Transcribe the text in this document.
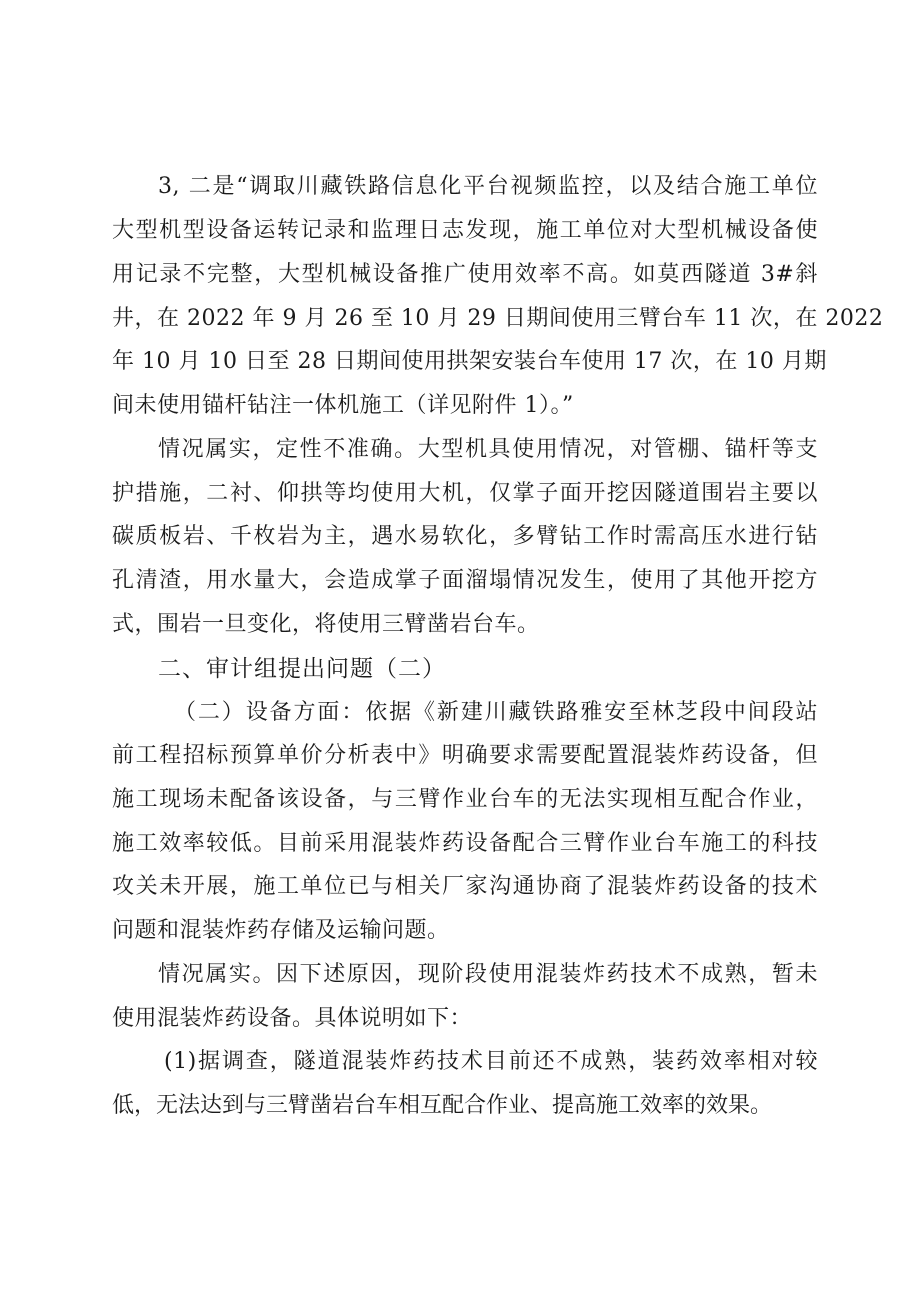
3, 二是“调取川藏铁路信息化平台视频监控，以及结合施工单位
大型机型设备运转记录和监理日志发现，施工单位对大型机械设备使
用记录不完整，大型机械设备推广使用效率不高。如莫西隧道 3#斜
井，在 2022 年 9 月 26 至 10 月 29 日期间使用三臂台车 11 次，在 2022
年 10 月 10 日至 28 日期间使用拱架安装台车使用 17 次，在 10 月期
间未使用锚杆钻注一体机施工（详见附件 1）。”
情况属实，定性不准确。大型机具使用情况，对管棚、锚杆等支
护措施，二衬、仰拱等均使用大机，仅掌子面开挖因隧道围岩主要以
碳质板岩、千枚岩为主，遇水易软化，多臂钻工作时需高压水进行钻
孔清渣，用水量大，会造成掌子面溜塌情况发生，使用了其他开挖方
式，围岩一旦变化，将使用三臂凿岩台车。
二、审计组提出问题（二）
（二）设备方面：依据《新建川藏铁路雅安至林芝段中间段站
前工程招标预算单价分析表中》明确要求需要配置混装炸药设备，但
施工现场未配备该设备，与三臂作业台车的无法实现相互配合作业，
施工效率较低。目前采用混装炸药设备配合三臂作业台车施工的科技
攻关未开展，施工单位已与相关厂家沟通协商了混装炸药设备的技术
问题和混装炸药存储及运输问题。
情况属实。因下述原因，现阶段使用混装炸药技术不成熟，暂未
使用混装炸药设备。具体说明如下：
(1)据调查，隧道混装炸药技术目前还不成熟，装药效率相对较
低，无法达到与三臂凿岩台车相互配合作业、提高施工效率的效果。
